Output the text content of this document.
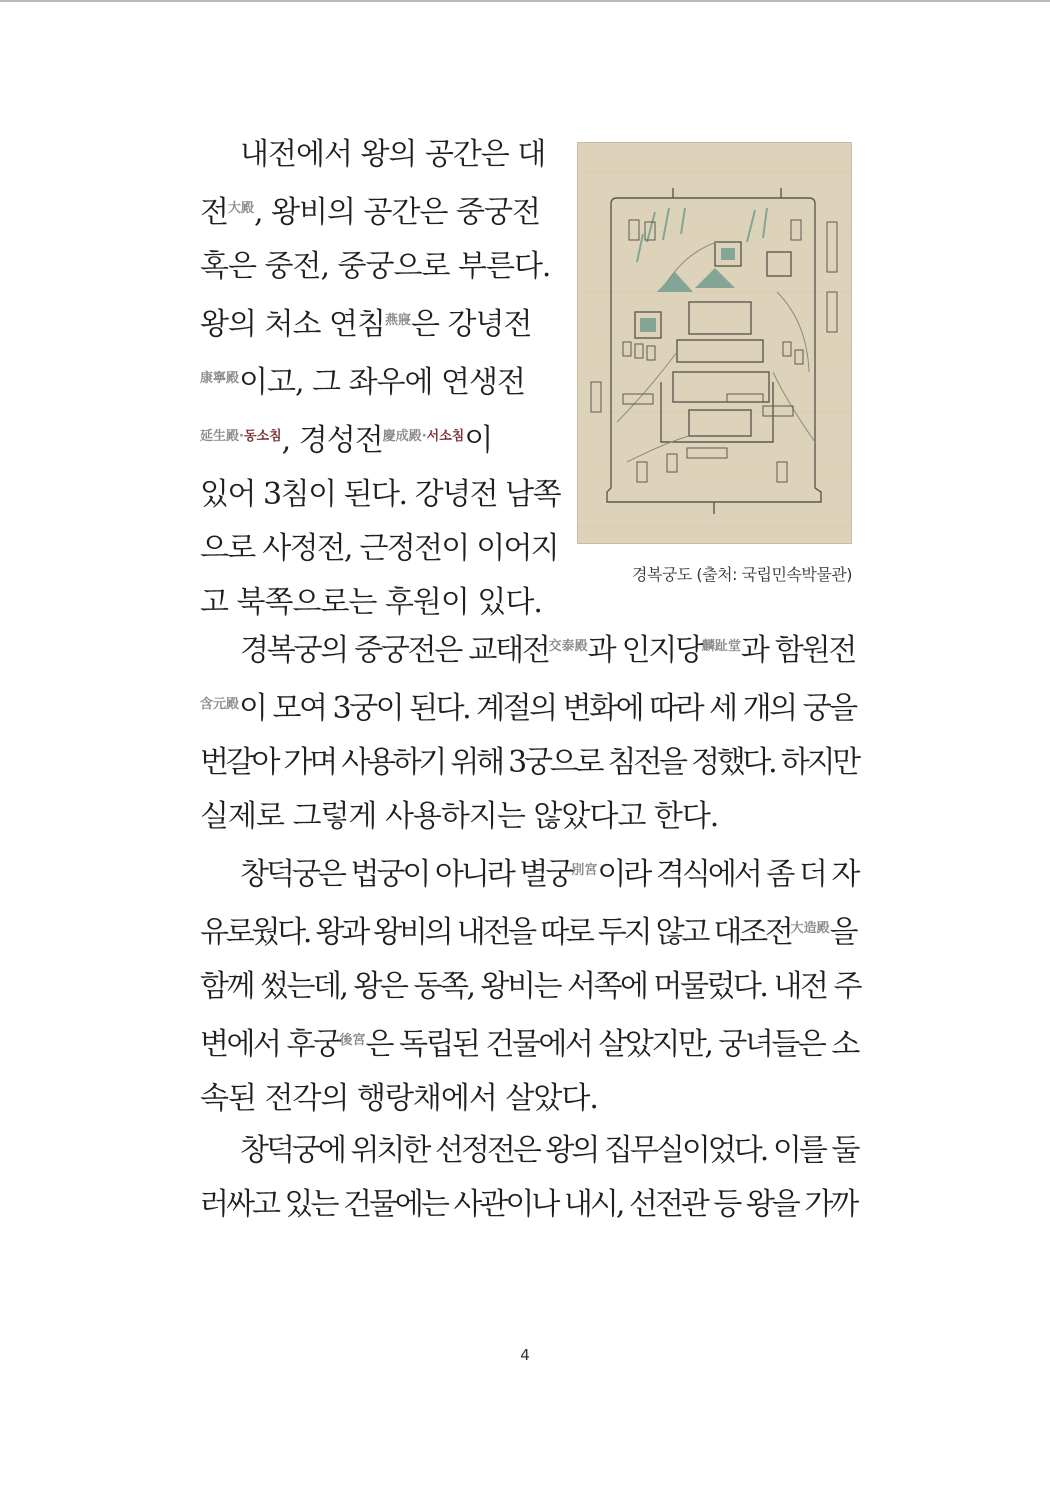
내전에서 왕의 공간은 대
전$^{大殿}$, 왕비의 공간은 중궁전
혹은 중전, 중궁으로 부른다.
왕의 처소 연침$^{燕寢}$은 강녕전
$^{康寧殿}$이고, 그 좌우에 연생전
$^{延生殿\cdot 동소침}$, 경성전$^{慶成殿\cdot 서소침}$이
있어 3침이 된다. 강녕전 남쪽
으로 사정전, 근정전이 이어지
고 북쪽으로는 후원이 있다.
경복궁도 (출처: 국립민속박물관)
경복궁의 중궁전은 교태전$^{交泰殿}$과 인지당$^{麟趾堂}$과 함원전
$^{含元殿}$이 모여 3궁이 된다. 계절의 변화에 따라 세 개의 궁을
번갈아 가며 사용하기 위해 3궁으로 침전을 정했다. 하지만
실제로 그렇게 사용하지는 않았다고 한다.
창덕궁은 법궁이 아니라 별궁$^{別宮}$이라 격식에서 좀 더 자
유로웠다. 왕과 왕비의 내전을 따로 두지 않고 대조전$^{大造殿}$을
함께 썼는데, 왕은 동쪽, 왕비는 서쪽에 머물렀다. 내전 주
변에서 후궁$^{後宮}$은 독립된 건물에서 살았지만, 궁녀들은 소
속된 전각의 행랑채에서 살았다.
창덕궁에 위치한 선정전은 왕의 집무실이었다. 이를 둘
러싸고 있는 건물에는 사관이나 내시, 선전관 등 왕을 가까
4
